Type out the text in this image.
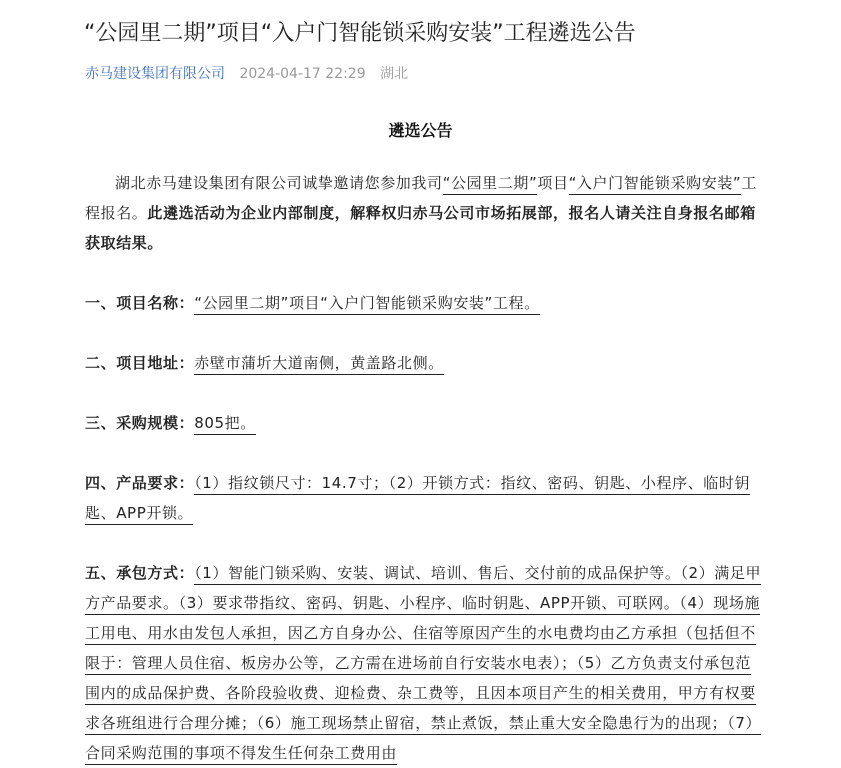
“公园里二期”项目“入户门智能锁采购安装”工程遴选公告
赤马建设集团有限公司 2024-04-17 22:29 湖北
遴选公告

湖北赤马建设集团有限公司诚挚邀请您参加我司“公园里二期”项目“入户门智能锁采购安装”工程报名。此遴选活动为企业内部制度，解释权归赤马公司市场拓展部，报名人请关注自身报名邮箱获取结果。

一、项目名称：“公园里二期”项目“入户门智能锁采购安装”工程。

二、项目地址：赤壁市蒲圻大道南侧，黄盖路北侧。

三、采购规模：805把。

四、产品要求：（1）指纹锁尺寸：14.7寸；（2）开锁方式：指纹、密码、钥匙、小程序、临时钥匙、APP开锁。

五、承包方式：（1）智能门锁采购、安装、调试、培训、售后、交付前的成品保护等。（2）满足甲方产品要求。（3）要求带指纹、密码、钥匙、小程序、临时钥匙、APP开锁、可联网。（4）现场施工用电、用水由发包人承担，因乙方自身办公、住宿等原因产生的水电费均由乙方承担（包括但不限于：管理人员住宿、板房办公等，乙方需在进场前自行安装水电表）；（5）乙方负责支付承包范围内的成品保护费、各阶段验收费、迎检费、杂工费等，且因本项目产生的相关费用，甲方有权要求各班组进行合理分摊；（6）施工现场禁止留宿，禁止煮饭，禁止重大安全隐患行为的出现；（7）合同采购范围的事项不得发生任何杂工费用由
